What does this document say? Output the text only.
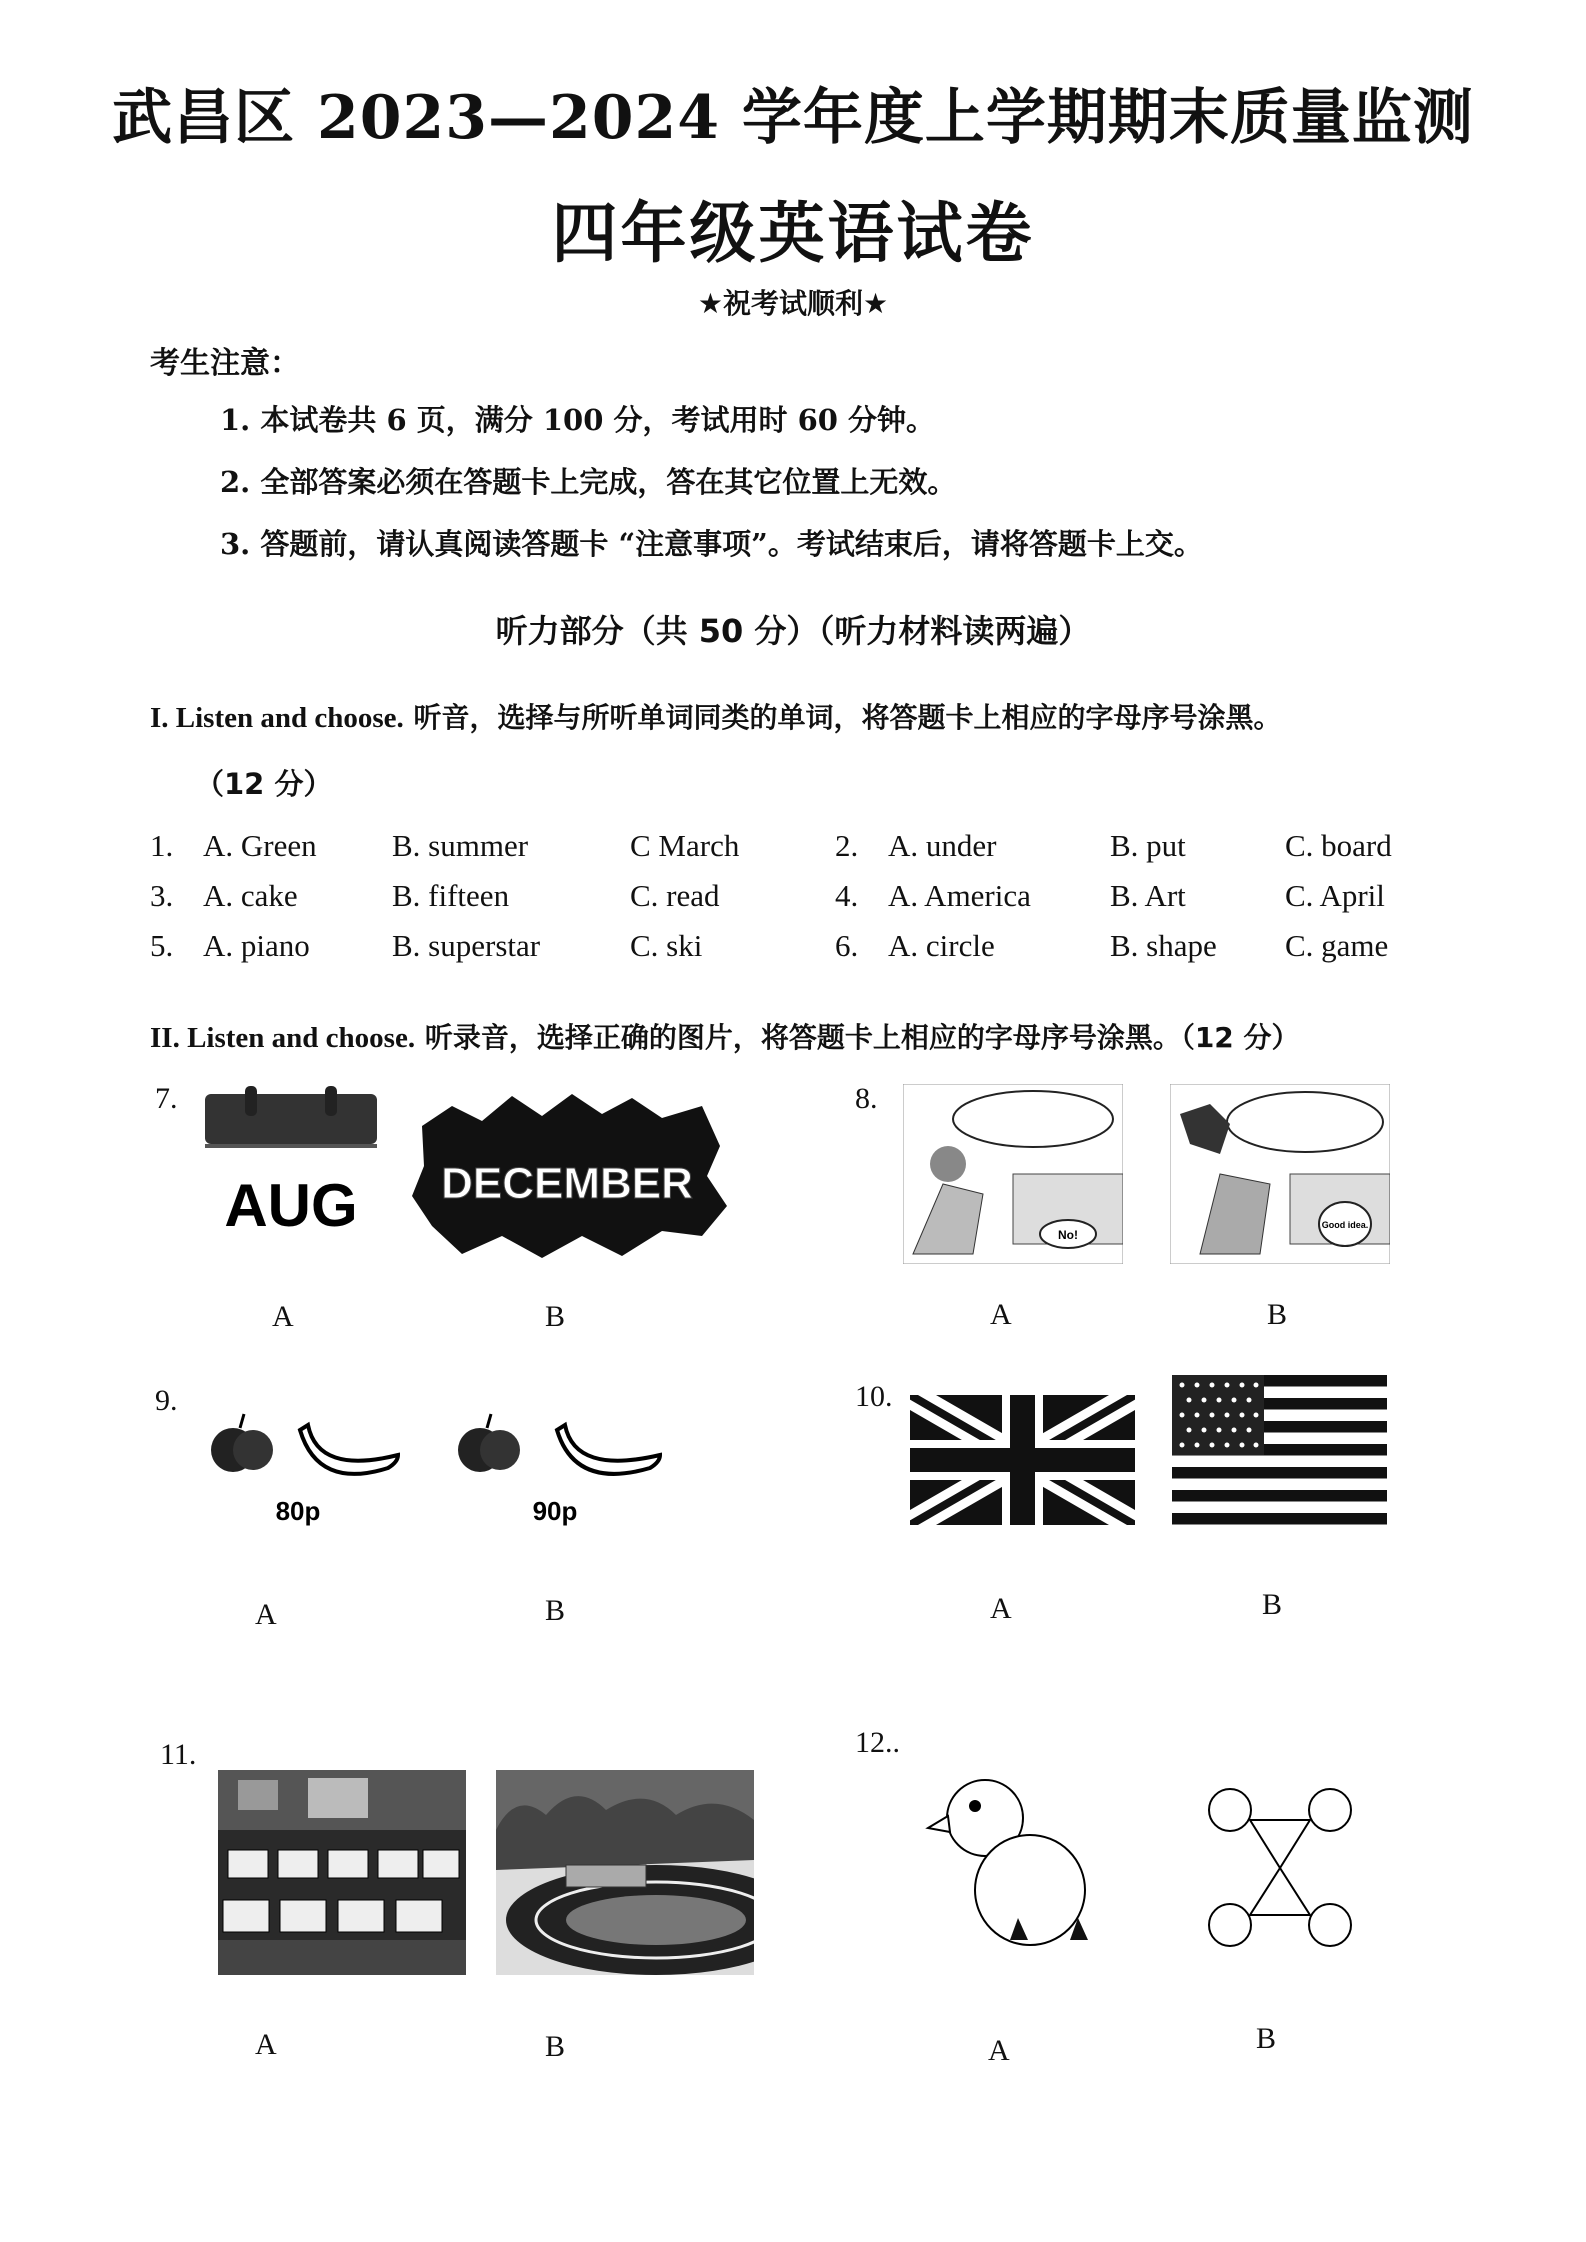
武昌区 2023—2024 学年度上学期期末质量监测
四年级英语试卷
★祝考试顺利★
考生注意：
1. 本试卷共 6 页，满分 100 分，考试用时 60 分钟。
2. 全部答案必须在答题卡上完成，答在其它位置上无效。
3. 答题前，请认真阅读答题卡 “注意事项”。考试结束后，请将答题卡上交。
听力部分（共 50 分）（听力材料读两遍）
I. Listen and choose. 听音，选择与所听单词同类的单词，将答题卡上相应的字母序号涂黑。
（12 分）
1. A. Green B. summer	C March	2. A. under	B. put	C. board
3. A. cake	B. fifteen	C. read	4. A. America	B. Art	C. April
5. A. piano	B. superstar	C. ski	6. A. circle	B. shape C. game
II. Listen and choose. 听录音，选择正确的图片，将答题卡上相应的字母序号涂黑。（12 分）
7.
AUG DECEMBER
A	B
8.
No!
Good idea.
A	B
9.
80p	90p
A	B
10.
A	B
11.
A	B
12..
A	B
